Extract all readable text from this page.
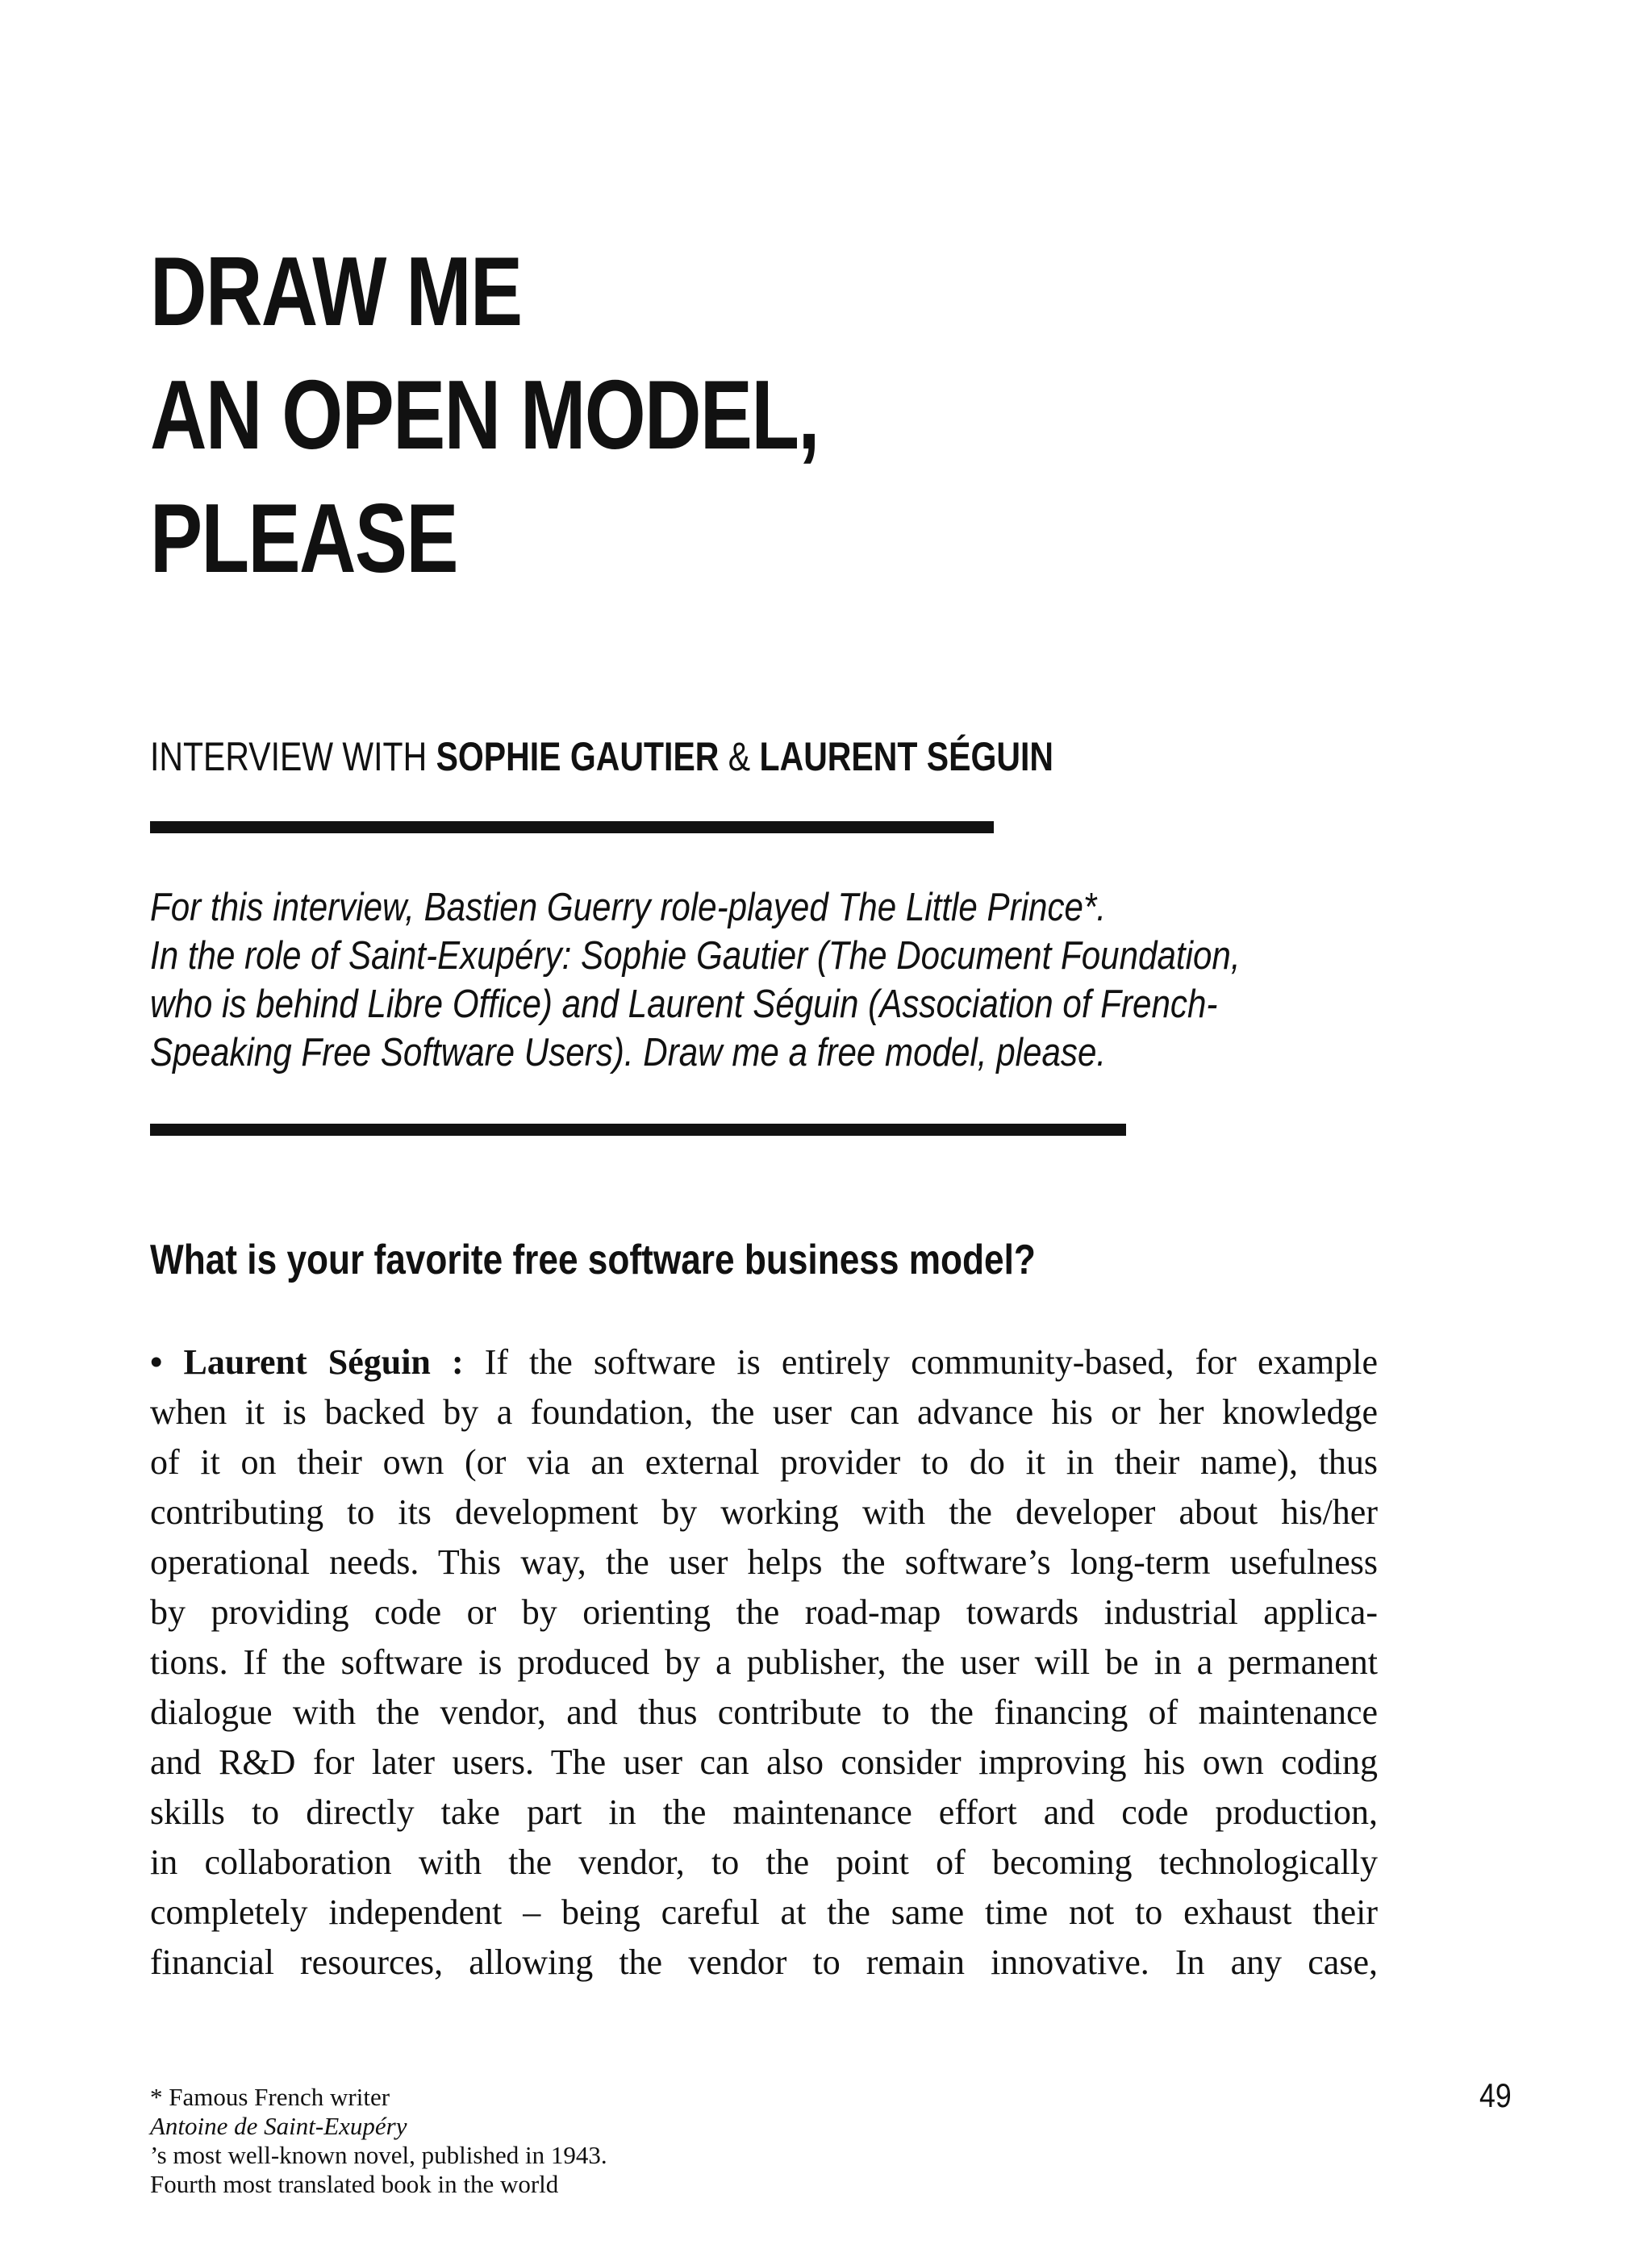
DRAW ME
AN OPEN MODEL,
PLEASE
INTERVIEW WITH SOPHIE GAUTIER & LAURENT SÉGUIN
For this interview, Bastien Guerry role-played The Little Prince*.
In the role of Saint-Exupéry: Sophie Gautier (The Document Foundation,
who is behind Libre Office) and Laurent Séguin (Association of French-
Speaking Free Software Users). Draw me a free model, please.
What is your favorite free software business model?
• Laurent Séguin : If the software is entirely community-based, for example
when it is backed by a foundation, the user can advance his or her knowledge
of it on their own (or via an external provider to do it in their name), thus
contributing to its development by working with the developer about his/her
operational needs. This way, the user helps the software’s long-term usefulness
by providing code or by orienting the road-map towards industrial applica-
tions. If the software is produced by a publisher, the user will be in a permanent
dialogue with the vendor, and thus contribute to the financing of maintenance
and R&D for later users. The user can also consider improving his own coding
skills to directly take part in the maintenance effort and code production,
in collaboration with the vendor, to the point of becoming technologically
completely independent – being careful at the same time not to exhaust their
financial resources, allowing the vendor to remain innovative. In any case,
* Famous French writer
Antoine de Saint-Exupéry
’s most well-known novel, published in 1943.
Fourth most translated book in the world
49
